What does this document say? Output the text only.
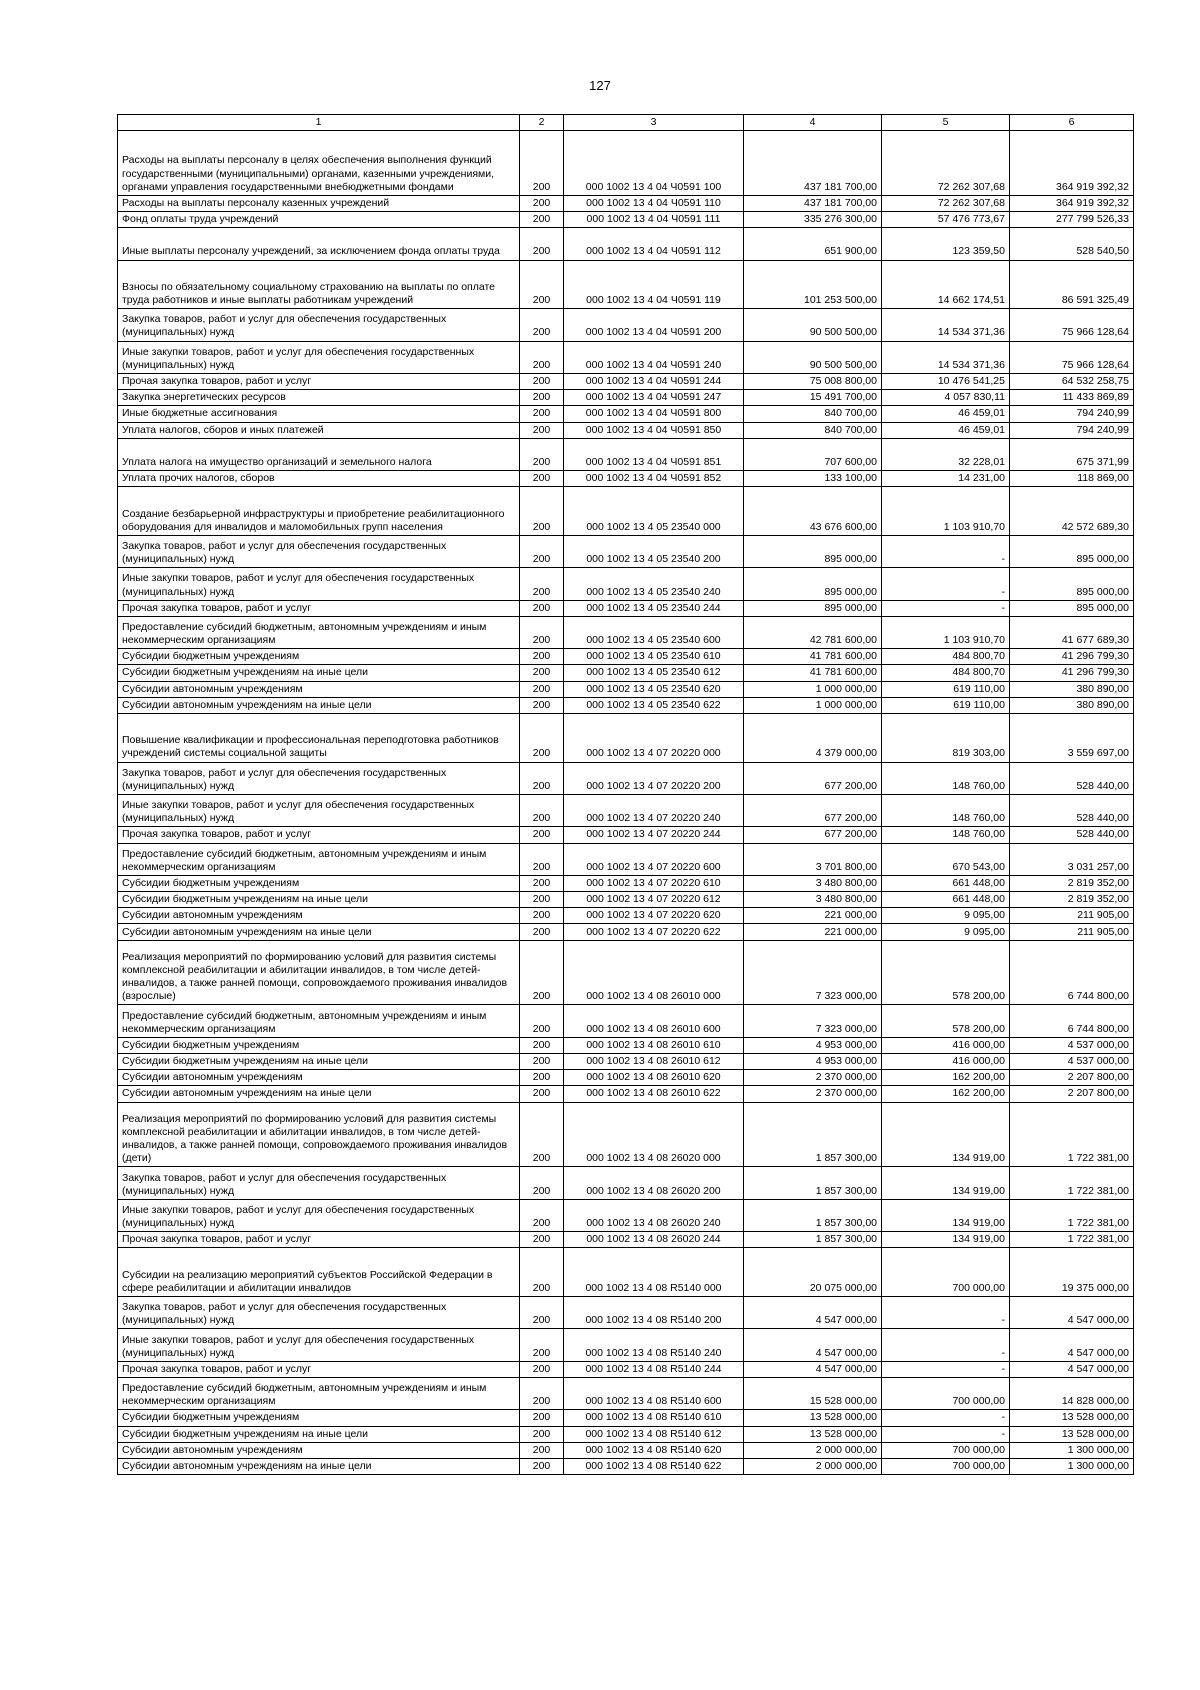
127
1	2	3	4	5	6
Расходы на выплаты персоналу в целях обеспечения выполнения функций государственными (муниципальными) органами, казенными учреждениями, органами управления государственными внебюджетными фондами	200	000 1002 13 4 04 Ч0591 100	437 181 700,00	72 262 307,68	364 919 392,32
Расходы на выплаты персоналу казенных учреждений	200	000 1002 13 4 04 Ч0591 110	437 181 700,00	72 262 307,68	364 919 392,32
Фонд оплаты труда учреждений	200	000 1002 13 4 04 Ч0591 111	335 276 300,00	57 476 773,67	277 799 526,33
Иные выплаты персоналу учреждений, за исключением фонда оплаты труда	200	000 1002 13 4 04 Ч0591 112	651 900,00	123 359,50	528 540,50
Взносы по обязательному социальному страхованию на выплаты по оплате труда работников и иные выплаты работникам учреждений	200	000 1002 13 4 04 Ч0591 119	101 253 500,00	14 662 174,51	86 591 325,49
Закупка товаров, работ и услуг для обеспечения государственных (муниципальных) нужд	200	000 1002 13 4 04 Ч0591 200	90 500 500,00	14 534 371,36	75 966 128,64
Иные закупки товаров, работ и услуг для обеспечения государственных (муниципальных) нужд	200	000 1002 13 4 04 Ч0591 240	90 500 500,00	14 534 371,36	75 966 128,64
Прочая закупка товаров, работ и услуг	200	000 1002 13 4 04 Ч0591 244	75 008 800,00	10 476 541,25	64 532 258,75
Закупка энергетических ресурсов	200	000 1002 13 4 04 Ч0591 247	15 491 700,00	4 057 830,11	11 433 869,89
Иные бюджетные ассигнования	200	000 1002 13 4 04 Ч0591 800	840 700,00	46 459,01	794 240,99
Уплата налогов, сборов и иных платежей	200	000 1002 13 4 04 Ч0591 850	840 700,00	46 459,01	794 240,99
Уплата налога на имущество организаций и земельного налога	200	000 1002 13 4 04 Ч0591 851	707 600,00	32 228,01	675 371,99
Уплата прочих налогов, сборов	200	000 1002 13 4 04 Ч0591 852	133 100,00	14 231,00	118 869,00
Создание безбарьерной инфраструктуры и приобретение реабилитационного оборудования для инвалидов и маломобильных групп населения	200	000 1002 13 4 05 23540 000	43 676 600,00	1 103 910,70	42 572 689,30
Закупка товаров, работ и услуг для обеспечения государственных (муниципальных) нужд	200	000 1002 13 4 05 23540 200	895 000,00	-	895 000,00
Иные закупки товаров, работ и услуг для обеспечения государственных (муниципальных) нужд	200	000 1002 13 4 05 23540 240	895 000,00	-	895 000,00
Прочая закупка товаров, работ и услуг	200	000 1002 13 4 05 23540 244	895 000,00	-	895 000,00
Предоставление субсидий бюджетным, автономным учреждениям и иным некоммерческим организациям	200	000 1002 13 4 05 23540 600	42 781 600,00	1 103 910,70	41 677 689,30
Субсидии бюджетным учреждениям	200	000 1002 13 4 05 23540 610	41 781 600,00	484 800,70	41 296 799,30
Субсидии бюджетным учреждениям на иные цели	200	000 1002 13 4 05 23540 612	41 781 600,00	484 800,70	41 296 799,30
Субсидии автономным учреждениям	200	000 1002 13 4 05 23540 620	1 000 000,00	619 110,00	380 890,00
Субсидии автономным учреждениям на иные цели	200	000 1002 13 4 05 23540 622	1 000 000,00	619 110,00	380 890,00
Повышение квалификации и профессиональная переподготовка работников учреждений системы социальной защиты	200	000 1002 13 4 07 20220 000	4 379 000,00	819 303,00	3 559 697,00
Закупка товаров, работ и услуг для обеспечения государственных (муниципальных) нужд	200	000 1002 13 4 07 20220 200	677 200,00	148 760,00	528 440,00
Иные закупки товаров, работ и услуг для обеспечения государственных (муниципальных) нужд	200	000 1002 13 4 07 20220 240	677 200,00	148 760,00	528 440,00
Прочая закупка товаров, работ и услуг	200	000 1002 13 4 07 20220 244	677 200,00	148 760,00	528 440,00
Предоставление субсидий бюджетным, автономным учреждениям и иным некоммерческим организациям	200	000 1002 13 4 07 20220 600	3 701 800,00	670 543,00	3 031 257,00
Субсидии бюджетным учреждениям	200	000 1002 13 4 07 20220 610	3 480 800,00	661 448,00	2 819 352,00
Субсидии бюджетным учреждениям на иные цели	200	000 1002 13 4 07 20220 612	3 480 800,00	661 448,00	2 819 352,00
Субсидии автономным учреждениям	200	000 1002 13 4 07 20220 620	221 000,00	9 095,00	211 905,00
Субсидии автономным учреждениям на иные цели	200	000 1002 13 4 07 20220 622	221 000,00	9 095,00	211 905,00
Реализация мероприятий по формированию условий для развития системы комплексной реабилитации и абилитации инвалидов, в том числе детей-инвалидов, а также ранней помощи, сопровождаемого проживания инвалидов (взрослые)	200	000 1002 13 4 08 26010 000	7 323 000,00	578 200,00	6 744 800,00
Предоставление субсидий бюджетным, автономным учреждениям и иным некоммерческим организациям	200	000 1002 13 4 08 26010 600	7 323 000,00	578 200,00	6 744 800,00
Субсидии бюджетным учреждениям	200	000 1002 13 4 08 26010 610	4 953 000,00	416 000,00	4 537 000,00
Субсидии бюджетным учреждениям на иные цели	200	000 1002 13 4 08 26010 612	4 953 000,00	416 000,00	4 537 000,00
Субсидии автономным учреждениям	200	000 1002 13 4 08 26010 620	2 370 000,00	162 200,00	2 207 800,00
Субсидии автономным учреждениям на иные цели	200	000 1002 13 4 08 26010 622	2 370 000,00	162 200,00	2 207 800,00
Реализация мероприятий по формированию условий для развития системы комплексной реабилитации и абилитации инвалидов, в том числе детей-инвалидов, а также ранней помощи, сопровождаемого проживания инвалидов (дети)	200	000 1002 13 4 08 26020 000	1 857 300,00	134 919,00	1 722 381,00
Закупка товаров, работ и услуг для обеспечения государственных (муниципальных) нужд	200	000 1002 13 4 08 26020 200	1 857 300,00	134 919,00	1 722 381,00
Иные закупки товаров, работ и услуг для обеспечения государственных (муниципальных) нужд	200	000 1002 13 4 08 26020 240	1 857 300,00	134 919,00	1 722 381,00
Прочая закупка товаров, работ и услуг	200	000 1002 13 4 08 26020 244	1 857 300,00	134 919,00	1 722 381,00
Субсидии на реализацию мероприятий субъектов Российской Федерации в сфере реабилитации и абилитации инвалидов	200	000 1002 13 4 08 R5140 000	20 075 000,00	700 000,00	19 375 000,00
Закупка товаров, работ и услуг для обеспечения государственных (муниципальных) нужд	200	000 1002 13 4 08 R5140 200	4 547 000,00	-	4 547 000,00
Иные закупки товаров, работ и услуг для обеспечения государственных (муниципальных) нужд	200	000 1002 13 4 08 R5140 240	4 547 000,00	-	4 547 000,00
Прочая закупка товаров, работ и услуг	200	000 1002 13 4 08 R5140 244	4 547 000,00	-	4 547 000,00
Предоставление субсидий бюджетным, автономным учреждениям и иным некоммерческим организациям	200	000 1002 13 4 08 R5140 600	15 528 000,00	700 000,00	14 828 000,00
Субсидии бюджетным учреждениям	200	000 1002 13 4 08 R5140 610	13 528 000,00	-	13 528 000,00
Субсидии бюджетным учреждениям на иные цели	200	000 1002 13 4 08 R5140 612	13 528 000,00	-	13 528 000,00
Субсидии автономным учреждениям	200	000 1002 13 4 08 R5140 620	2 000 000,00	700 000,00	1 300 000,00
Субсидии автономным учреждениям на иные цели	200	000 1002 13 4 08 R5140 622	2 000 000,00	700 000,00	1 300 000,00
